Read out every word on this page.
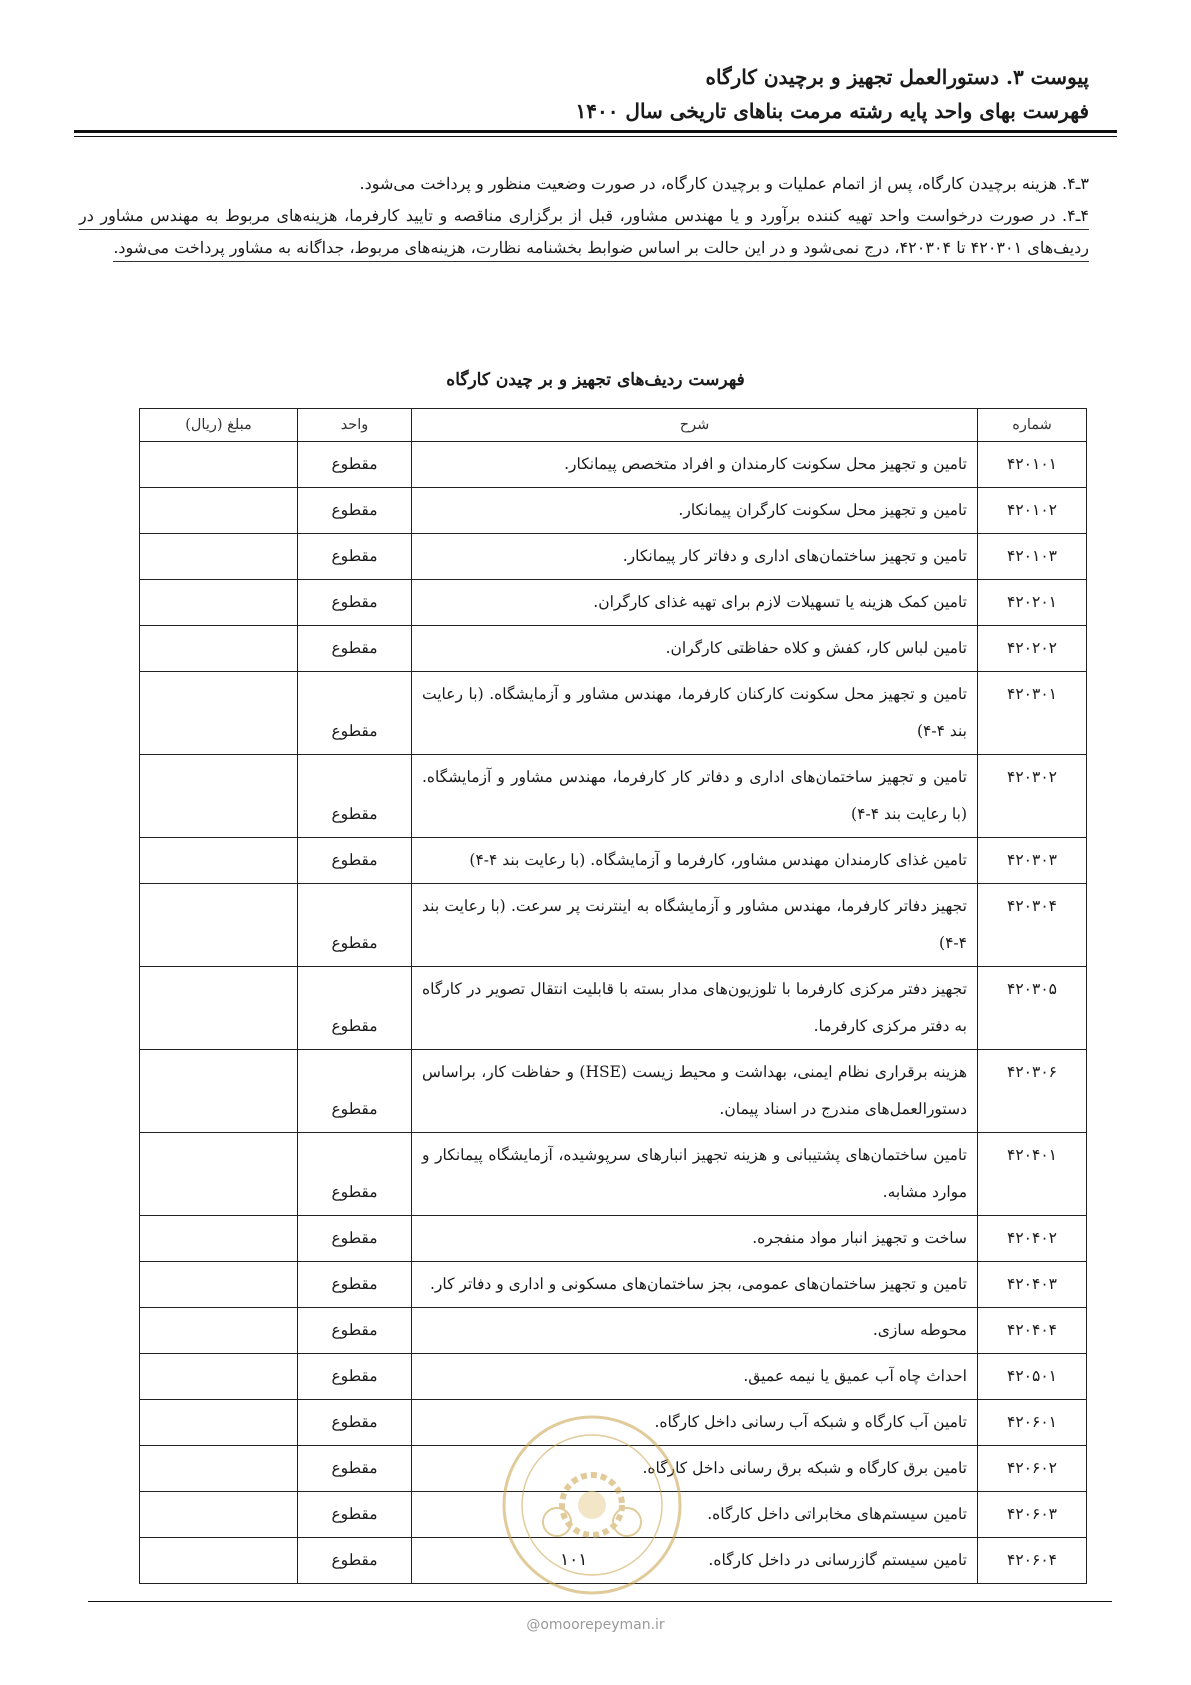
پیوست ۳. دستورالعمل تجهیز و برچیدن کارگاه
فهرست بهای واحد پایه رشته مرمت بناهای تاریخی سال ۱۴۰۰

۳ـ۴. هزینه برچیدن کارگاه، پس از اتمام عملیات و برچیدن کارگاه، در صورت وضعیت منظور و پرداخت می‌شود.

۴ـ۴. در صورت درخواست واحد تهیه کننده برآورد و یا مهندس مشاور، قبل از برگزاری مناقصه و تایید کارفرما، هزینه‌های مربوط به مهندس مشاور در ردیف‌های ۴۲۰۳۰۱ تا ۴۲۰۳۰۴، درج نمی‌شود و در این حالت بر اساس ضوابط بخشنامه نظارت، هزینه‌های مربوط، جداگانه به مشاور پرداخت می‌شود.

فهرست ردیف‌های تجهیز و بر چیدن کارگاه
شماره	شرح	واحد	مبلغ (ریال)
۴۲۰۱۰۱	تامین و تجهیز محل سکونت کارمندان و افراد متخصص پیمانکار.	مقطوع	
۴۲۰۱۰۲	تامین و تجهیز محل سکونت کارگران پیمانکار.	مقطوع	
۴۲۰۱۰۳	تامین و تجهیز ساختمان‌های اداری و دفاتر کار پیمانکار.	مقطوع	
۴۲۰۲۰۱	تامین کمک هزینه یا تسهیلات لازم برای تهیه غذای کارگران.	مقطوع	
۴۲۰۲۰۲	تامین لباس کار، کفش و کلاه حفاظتی کارگران.	مقطوع	
۴۲۰۳۰۱	تامین و تجهیز محل سکونت کارکنان کارفرما، مهندس مشاور و آزمایشگاه. (با رعایت بند ۴-۴)	مقطوع	
۴۲۰۳۰۲	تامین و تجهیز ساختمان‌های اداری و دفاتر کار کارفرما، مهندس مشاور و آزمایشگاه. (با رعایت بند ۴-۴)	مقطوع	
۴۲۰۳۰۳	تامین غذای کارمندان مهندس مشاور، کارفرما و آزمایشگاه. (با رعایت بند ۴-۴)	مقطوع	
۴۲۰۳۰۴	تجهیز دفاتر کارفرما، مهندس مشاور و آزمایشگاه به اینترنت پر سرعت. (با رعایت بند ۴-۴)	مقطوع	
۴۲۰۳۰۵	تجهیز دفتر مرکزی کارفرما با تلوزیون‌های مدار بسته با قابلیت انتقال تصویر در کارگاه به دفتر مرکزی کارفرما.	مقطوع	
۴۲۰۳۰۶	هزینه برقراری نظام ایمنی، بهداشت و محیط زیست (HSE) و حفاظت کار، براساس دستورالعمل‌های مندرج در اسناد پیمان.	مقطوع	
۴۲۰۴۰۱	تامین ساختمان‌های پشتیبانی و هزینه تجهیز انبارهای سرپوشیده، آزمایشگاه پیمانکار و موارد مشابه.	مقطوع	
۴۲۰۴۰۲	ساخت و تجهیز انبار مواد منفجره.	مقطوع	
۴۲۰۴۰۳	تامین و تجهیز ساختمان‌های عمومی، بجز ساختمان‌های مسکونی و اداری و دفاتر کار.	مقطوع	
۴۲۰۴۰۴	محوطه سازی.	مقطوع	
۴۲۰۵۰۱	احداث چاه آب عمیق یا نیمه عمیق.	مقطوع	
۴۲۰۶۰۱	تامین آب کارگاه و شبکه آب رسانی داخل کارگاه.	مقطوع	
۴۲۰۶۰۲	تامین برق کارگاه و شبکه برق رسانی داخل کارگاه.	مقطوع	
۴۲۰۶۰۳	تامین سیستم‌های مخابراتی داخل کارگاه.	مقطوع	
۴۲۰۶۰۴	تامین سیستم گازرسانی در داخل کارگاه.	مقطوع		۱۰۱
@omoorepeyman.ir
